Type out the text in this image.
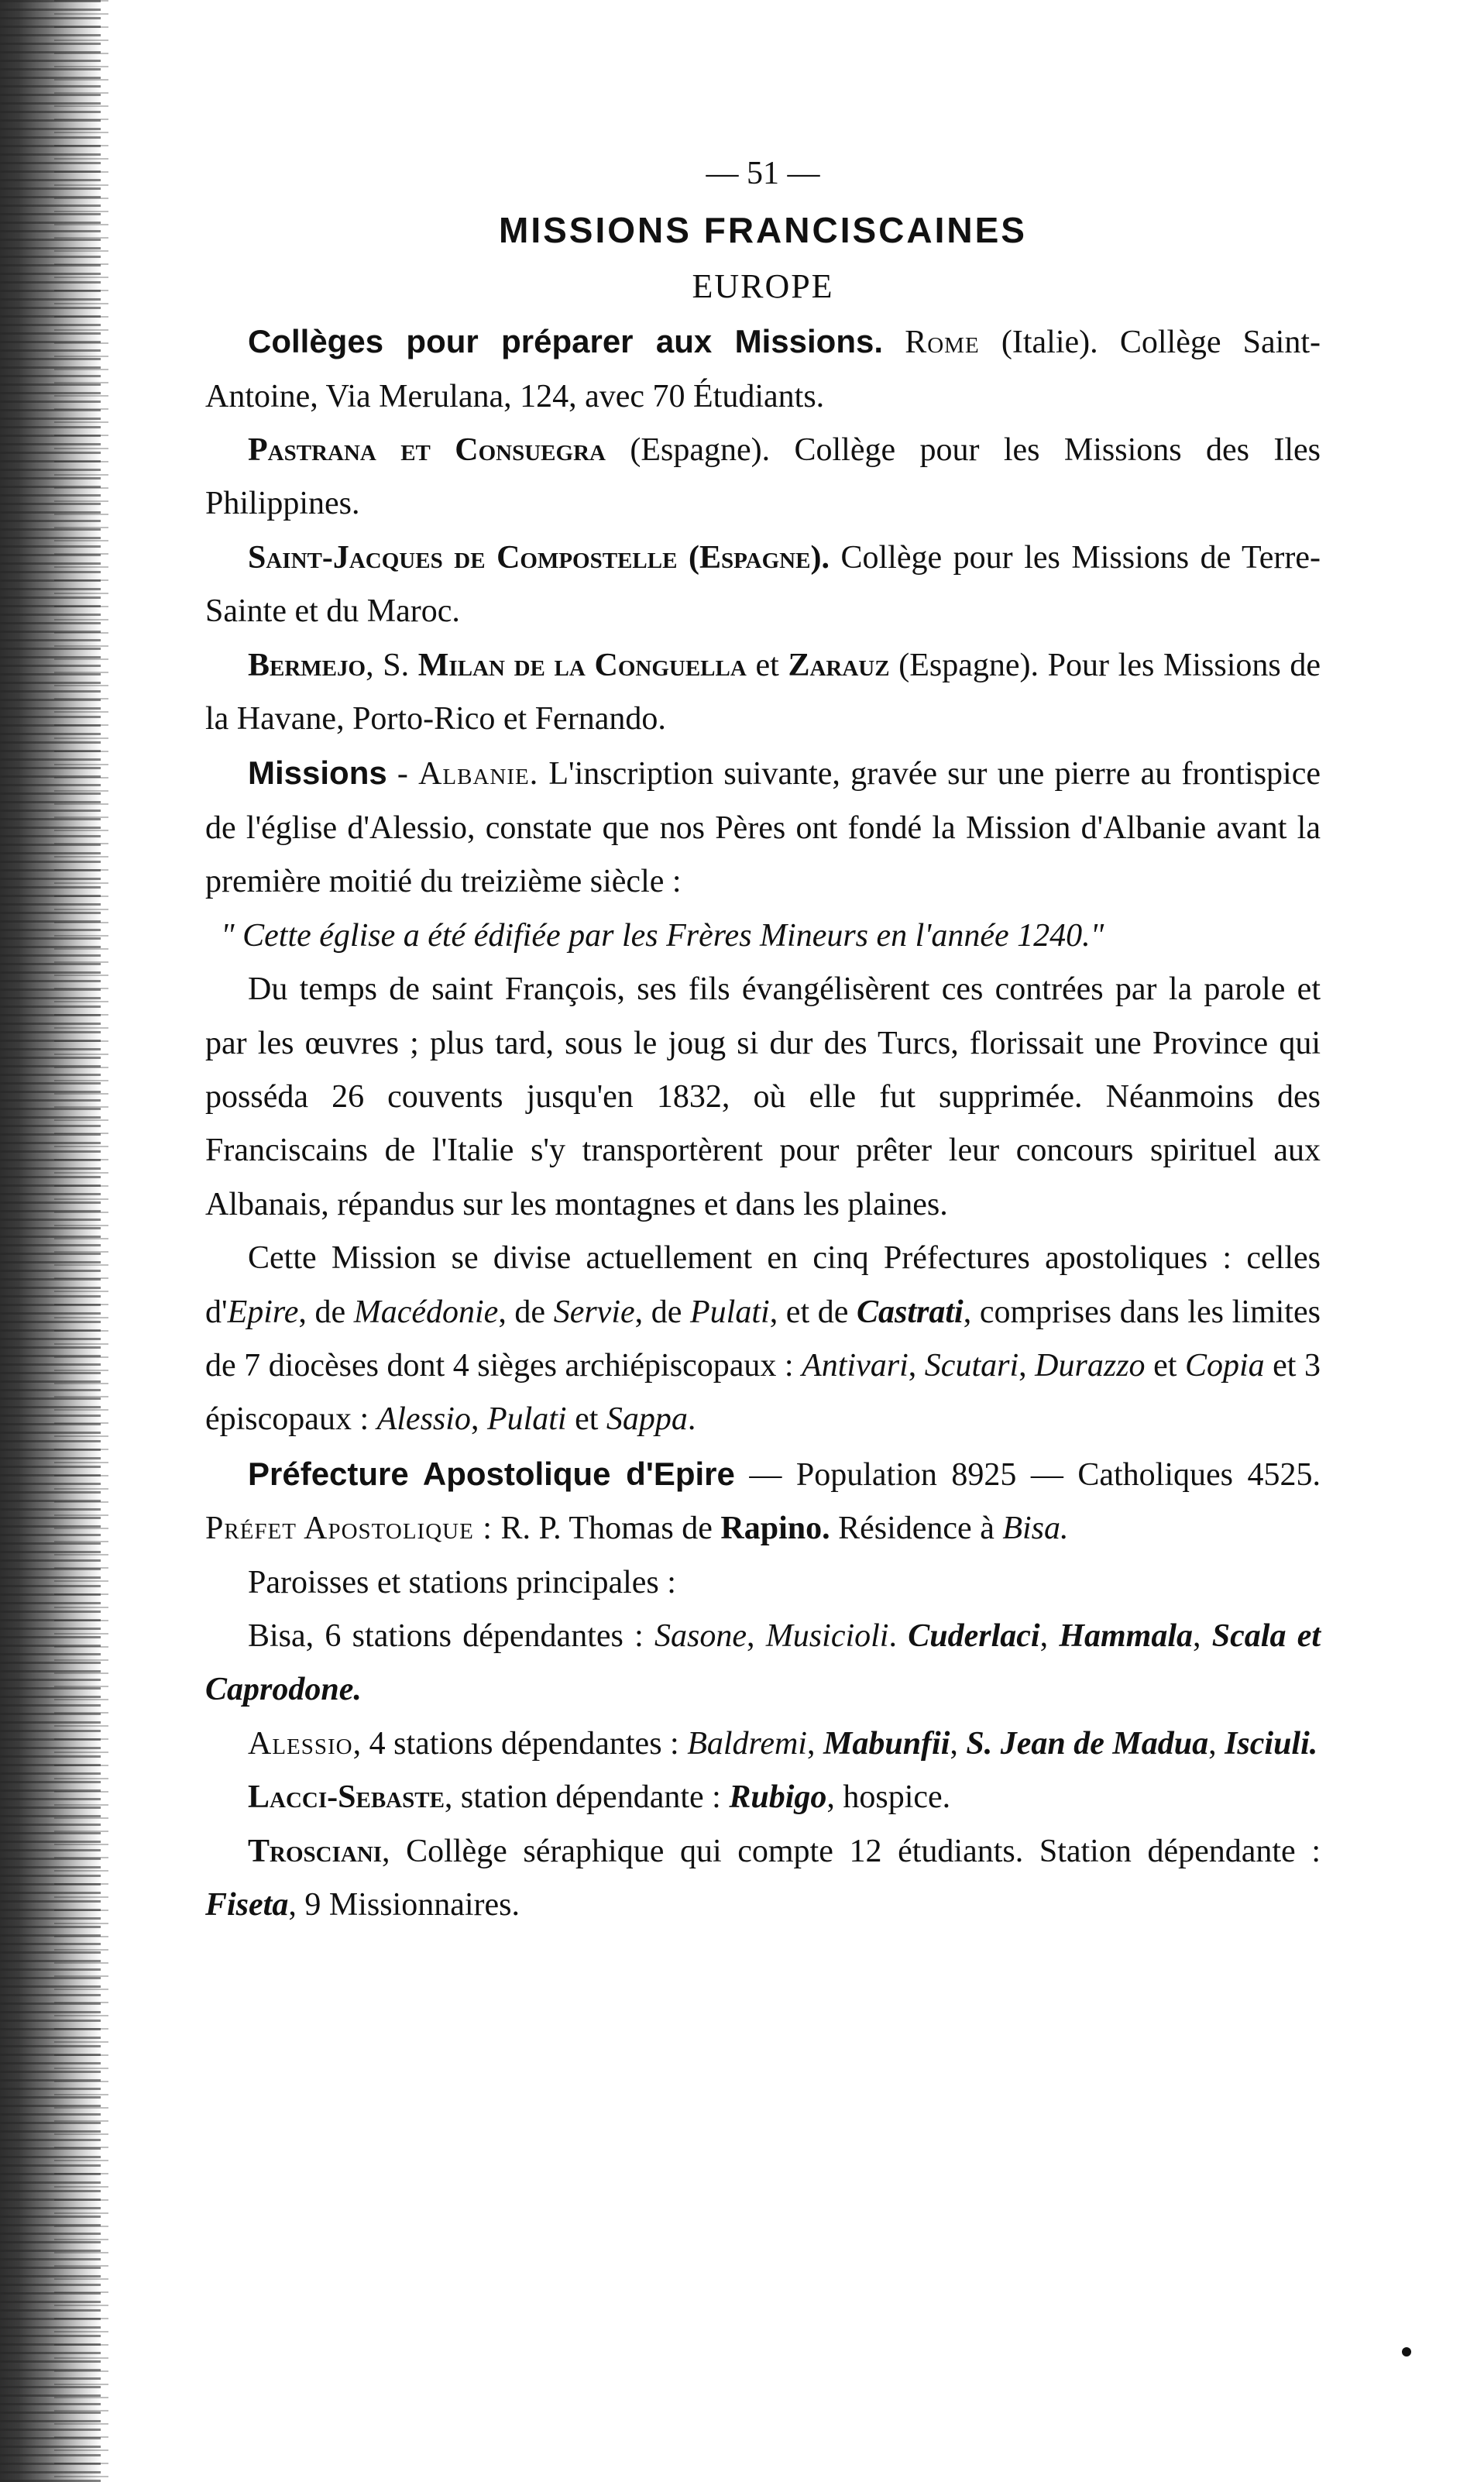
— 51 —
MISSIONS FRANCISCAINES
EUROPE

Collèges pour préparer aux Missions. Rome (Italie). Collège Saint-Antoine, Via Merulana, 124, avec 70 Étudiants.

Pastrana et Consuegra (Espagne). Collège pour les Missions des Iles Philippines.

Saint-Jacques de Compostelle (Espagne). Collège pour les Missions de Terre-Sainte et du Maroc.

Bermejo, S. Milan de la Conguella et Zarauz (Espagne). Pour les Missions de la Havane, Porto-Rico et Fernando.

Missions - Albanie. L'inscription suivante, gravée sur une pierre au frontispice de l'église d'Alessio, constate que nos Pères ont fondé la Mission d'Albanie avant la première moitié du treizième siècle :

" Cette église a été édifiée par les Frères Mineurs en l'année 1240."

Du temps de saint François, ses fils évangélisèrent ces contrées par la parole et par les œuvres ; plus tard, sous le joug si dur des Turcs, florissait une Province qui posséda 26 couvents jusqu'en 1832, où elle fut supprimée. Néanmoins des Franciscains de l'Italie s'y transportèrent pour prêter leur concours spirituel aux Albanais, répandus sur les montagnes et dans les plaines.

Cette Mission se divise actuellement en cinq Préfectures apostoliques : celles d'Epire, de Macédonie, de Servie, de Pulati, et de Castrati, comprises dans les limites de 7 diocèses dont 4 sièges archiépiscopaux : Antivari, Scutari, Durazzo et Copia et 3 épiscopaux : Alessio, Pulati et Sappa.

Préfecture Apostolique d'Epire — Population 8925 — Catholiques 4525. Préfet Apostolique : R. P. Thomas de Rapino. Résidence à Bisa.

Paroisses et stations principales :

Bisa, 6 stations dépendantes : Sasone, Musicioli. Cuderlaci, Hammala, Scala et Caprodone.

Alessio, 4 stations dépendantes : Baldremi, Mabunfii, S. Jean de Madua, Isciuli.

Lacci-Sebaste, station dépendante : Rubigo, hospice.

Trosciani, Collège séraphique qui compte 12 étudiants. Station dépendante : Fiseta, 9 Missionnaires.
